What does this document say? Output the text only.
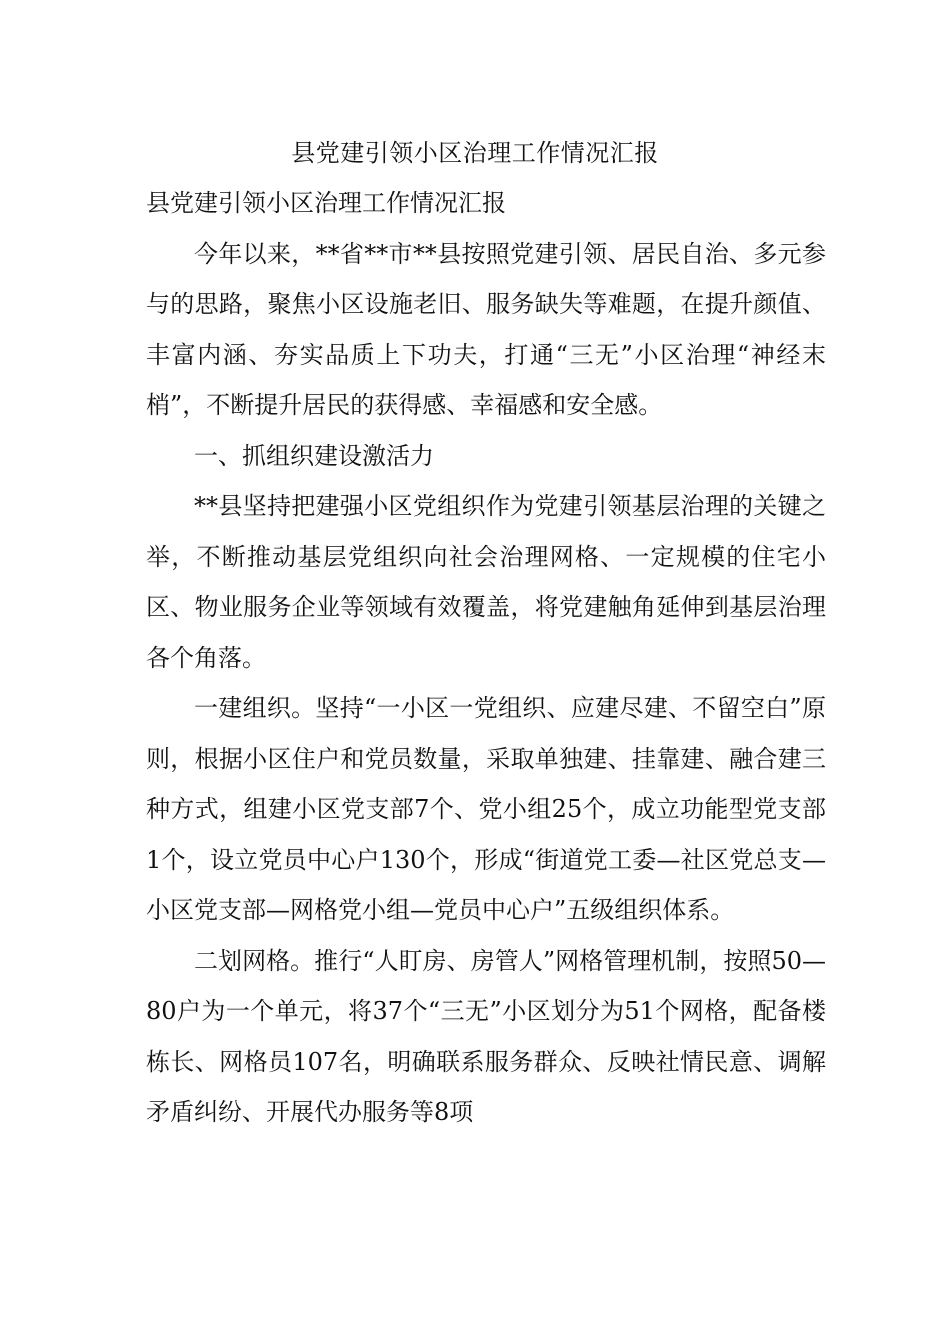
县党建引领小区治理工作情况汇报

县党建引领小区治理工作情况汇报

今年以来，**省**市**县按照党建引领、居民自治、多元参与的思路，聚焦小区设施老旧、服务缺失等难题，在提升颜值、丰富内涵、夯实品质上下功夫，打通“三无”小区治理“神经末梢”，不断提升居民的获得感、幸福感和安全感。

一、抓组织建设激活力

**县坚持把建强小区党组织作为党建引领基层治理的关键之举，不断推动基层党组织向社会治理网格、一定规模的住宅小区、物业服务企业等领域有效覆盖，将党建触角延伸到基层治理各个角落。

一建组织。坚持“一小区一党组织、应建尽建、不留空白”原则，根据小区住户和党员数量，采取单独建、挂靠建、融合建三种方式，组建小区党支部7个、党小组25个，成立功能型党支部1个，设立党员中心户130个，形成“街道党工委—社区党总支—小区党支部—网格党小组—党员中心户”五级组织体系。

二划网格。推行“人盯房、房管人”网格管理机制，按照50—80户为一个单元，将37个“三无”小区划分为51个网格，配备楼栋长、网格员107名，明确联系服务群众、反映社情民意、调解矛盾纠纷、开展代办服务等8项
